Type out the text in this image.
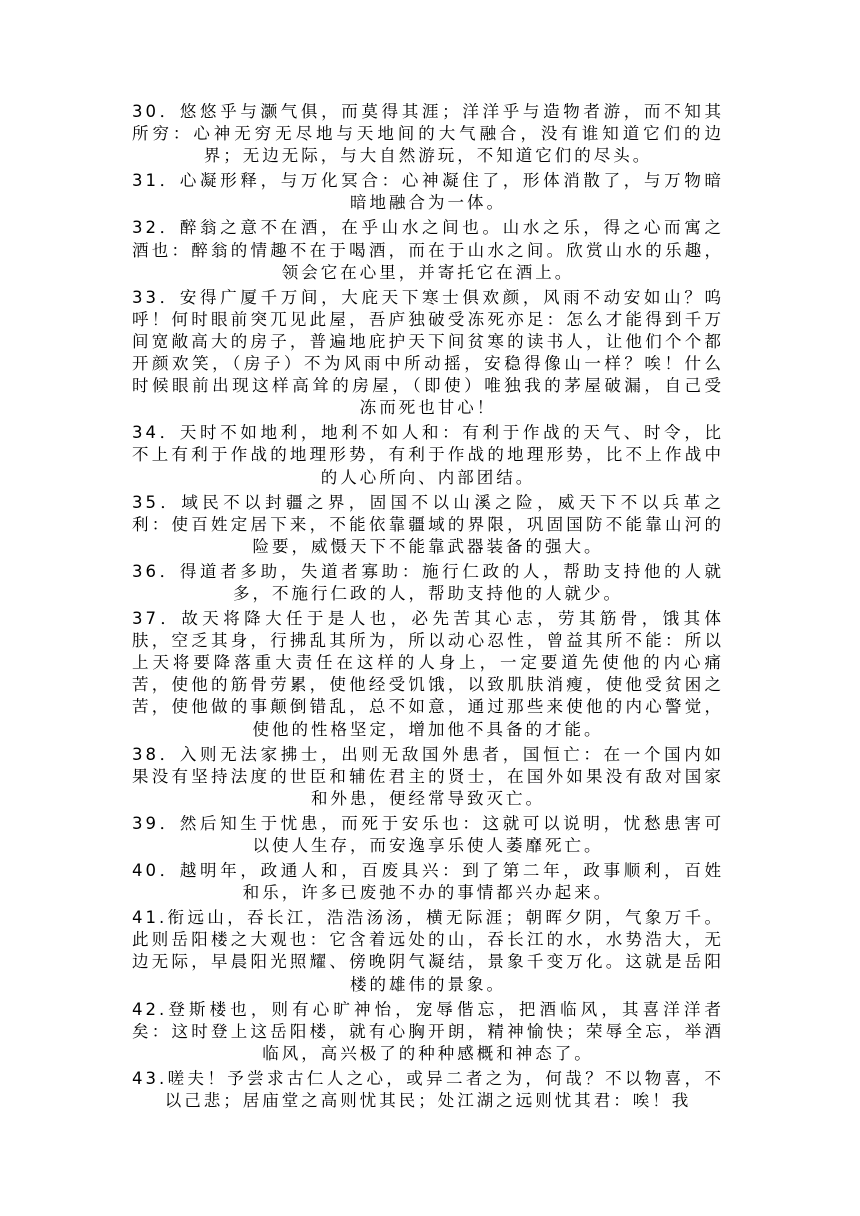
30．悠悠乎与灏气俱，而莫得其涯；洋洋乎与造物者游，而不知其所穷：心神无穷无尽地与天地间的大气融合，没有谁知道它们的边界；无边无际，与大自然游玩，不知道它们的尽头。

31．心凝形释，与万化冥合：心神凝住了，形体消散了，与万物暗暗地融合为一体。

32．醉翁之意不在酒，在乎山水之间也。山水之乐，得之心而寓之酒也：醉翁的情趣不在于喝酒，而在于山水之间。欣赏山水的乐趣，领会它在心里，并寄托它在酒上。

33．安得广厦千万间，大庇天下寒士俱欢颜，风雨不动安如山？呜呼！何时眼前突兀见此屋，吾庐独破受冻死亦足：怎么才能得到千万间宽敞高大的房子，普遍地庇护天下间贫寒的读书人，让他们个个都开颜欢笑，（房子）不为风雨中所动摇，安稳得像山一样？唉！什么时候眼前出现这样高耸的房屋，（即使）唯独我的茅屋破漏，自己受冻而死也甘心！

34．天时不如地利，地利不如人和：有利于作战的天气、时令，比不上有利于作战的地理形势，有利于作战的地理形势，比不上作战中的人心所向、内部团结。

35．域民不以封疆之界，固国不以山溪之险，威天下不以兵革之利：使百姓定居下来，不能依靠疆域的界限，巩固国防不能靠山河的险要，威慑天下不能靠武器装备的强大。

36．得道者多助，失道者寡助：施行仁政的人，帮助支持他的人就多，不施行仁政的人，帮助支持他的人就少。

37．故天将降大任于是人也，必先苦其心志，劳其筋骨，饿其体肤，空乏其身，行拂乱其所为，所以动心忍性，曾益其所不能：所以上天将要降落重大责任在这样的人身上，一定要道先使他的内心痛苦，使他的筋骨劳累，使他经受饥饿，以致肌肤消瘦，使他受贫困之苦，使他做的事颠倒错乱，总不如意，通过那些来使他的内心警觉，使他的性格坚定，增加他不具备的才能。

38．入则无法家拂士，出则无敌国外患者，国恒亡：在一个国内如果没有坚持法度的世臣和辅佐君主的贤士，在国外如果没有敌对国家和外患，便经常导致灭亡。

39．然后知生于忧患，而死于安乐也：这就可以说明，忧愁患害可以使人生存，而安逸享乐使人萎靡死亡。

40．越明年，政通人和，百废具兴：到了第二年，政事顺利，百姓和乐，许多已废弛不办的事情都兴办起来。

41.衔远山，吞长江，浩浩汤汤，横无际涯；朝晖夕阴，气象万千。此则岳阳楼之大观也：它含着远处的山，吞长江的水，水势浩大，无边无际，早晨阳光照耀、傍晚阴气凝结，景象千变万化。这就是岳阳楼的雄伟的景象。

42.登斯楼也，则有心旷神怡，宠辱偕忘，把酒临风，其喜洋洋者矣：这时登上这岳阳楼，就有心胸开朗，精神愉快；荣辱全忘，举酒临风，高兴极了的种种感概和神态了。

43.嗟夫！予尝求古仁人之心，或异二者之为，何哉？不以物喜，不以己悲；居庙堂之高则忧其民；处江湖之远则忧其君：唉！我
